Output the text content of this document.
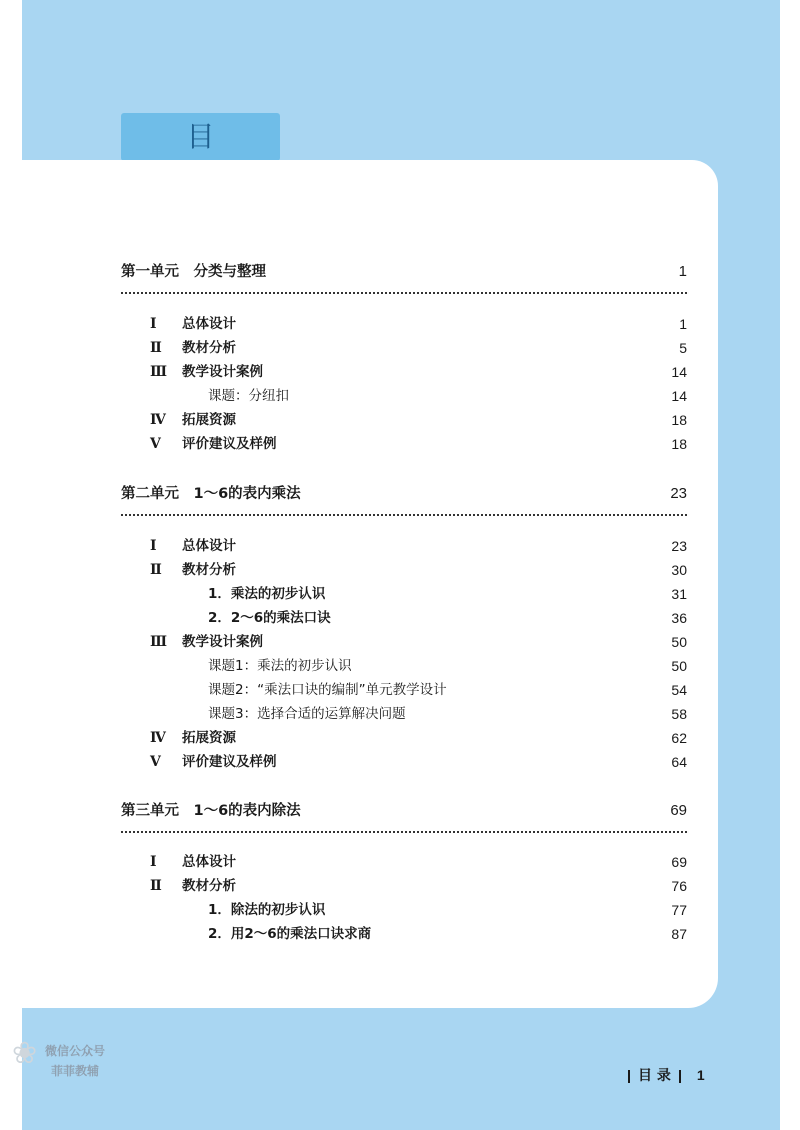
目
第一单元　分类与整理	1
Ⅰ 总体设计	1
Ⅱ 教材分析	5
Ⅲ 教学设计案例	14
课题：分纽扣	14
Ⅳ 拓展资源	18
Ⅴ 评价建议及样例	18
第二单元　1～6的表内乘法	23
Ⅰ 总体设计	23
Ⅱ 教材分析	30
1．乘法的初步认识	31
2．2～6的乘法口诀	36
Ⅲ 教学设计案例	50
课题1：乘法的初步认识	50
课题2：“乘法口诀的编制”单元教学设计	54
课题3：选择合适的运算解决问题	58
Ⅳ 拓展资源	62
Ⅴ 评价建议及样例	64
第三单元　1～6的表内除法	69
Ⅰ 总体设计	69
Ⅱ 教材分析	76
1．除法的初步认识	77
2．用2～6的乘法口诀求商	87
❀ 微信公众号
菲菲教辅	目 录 1
